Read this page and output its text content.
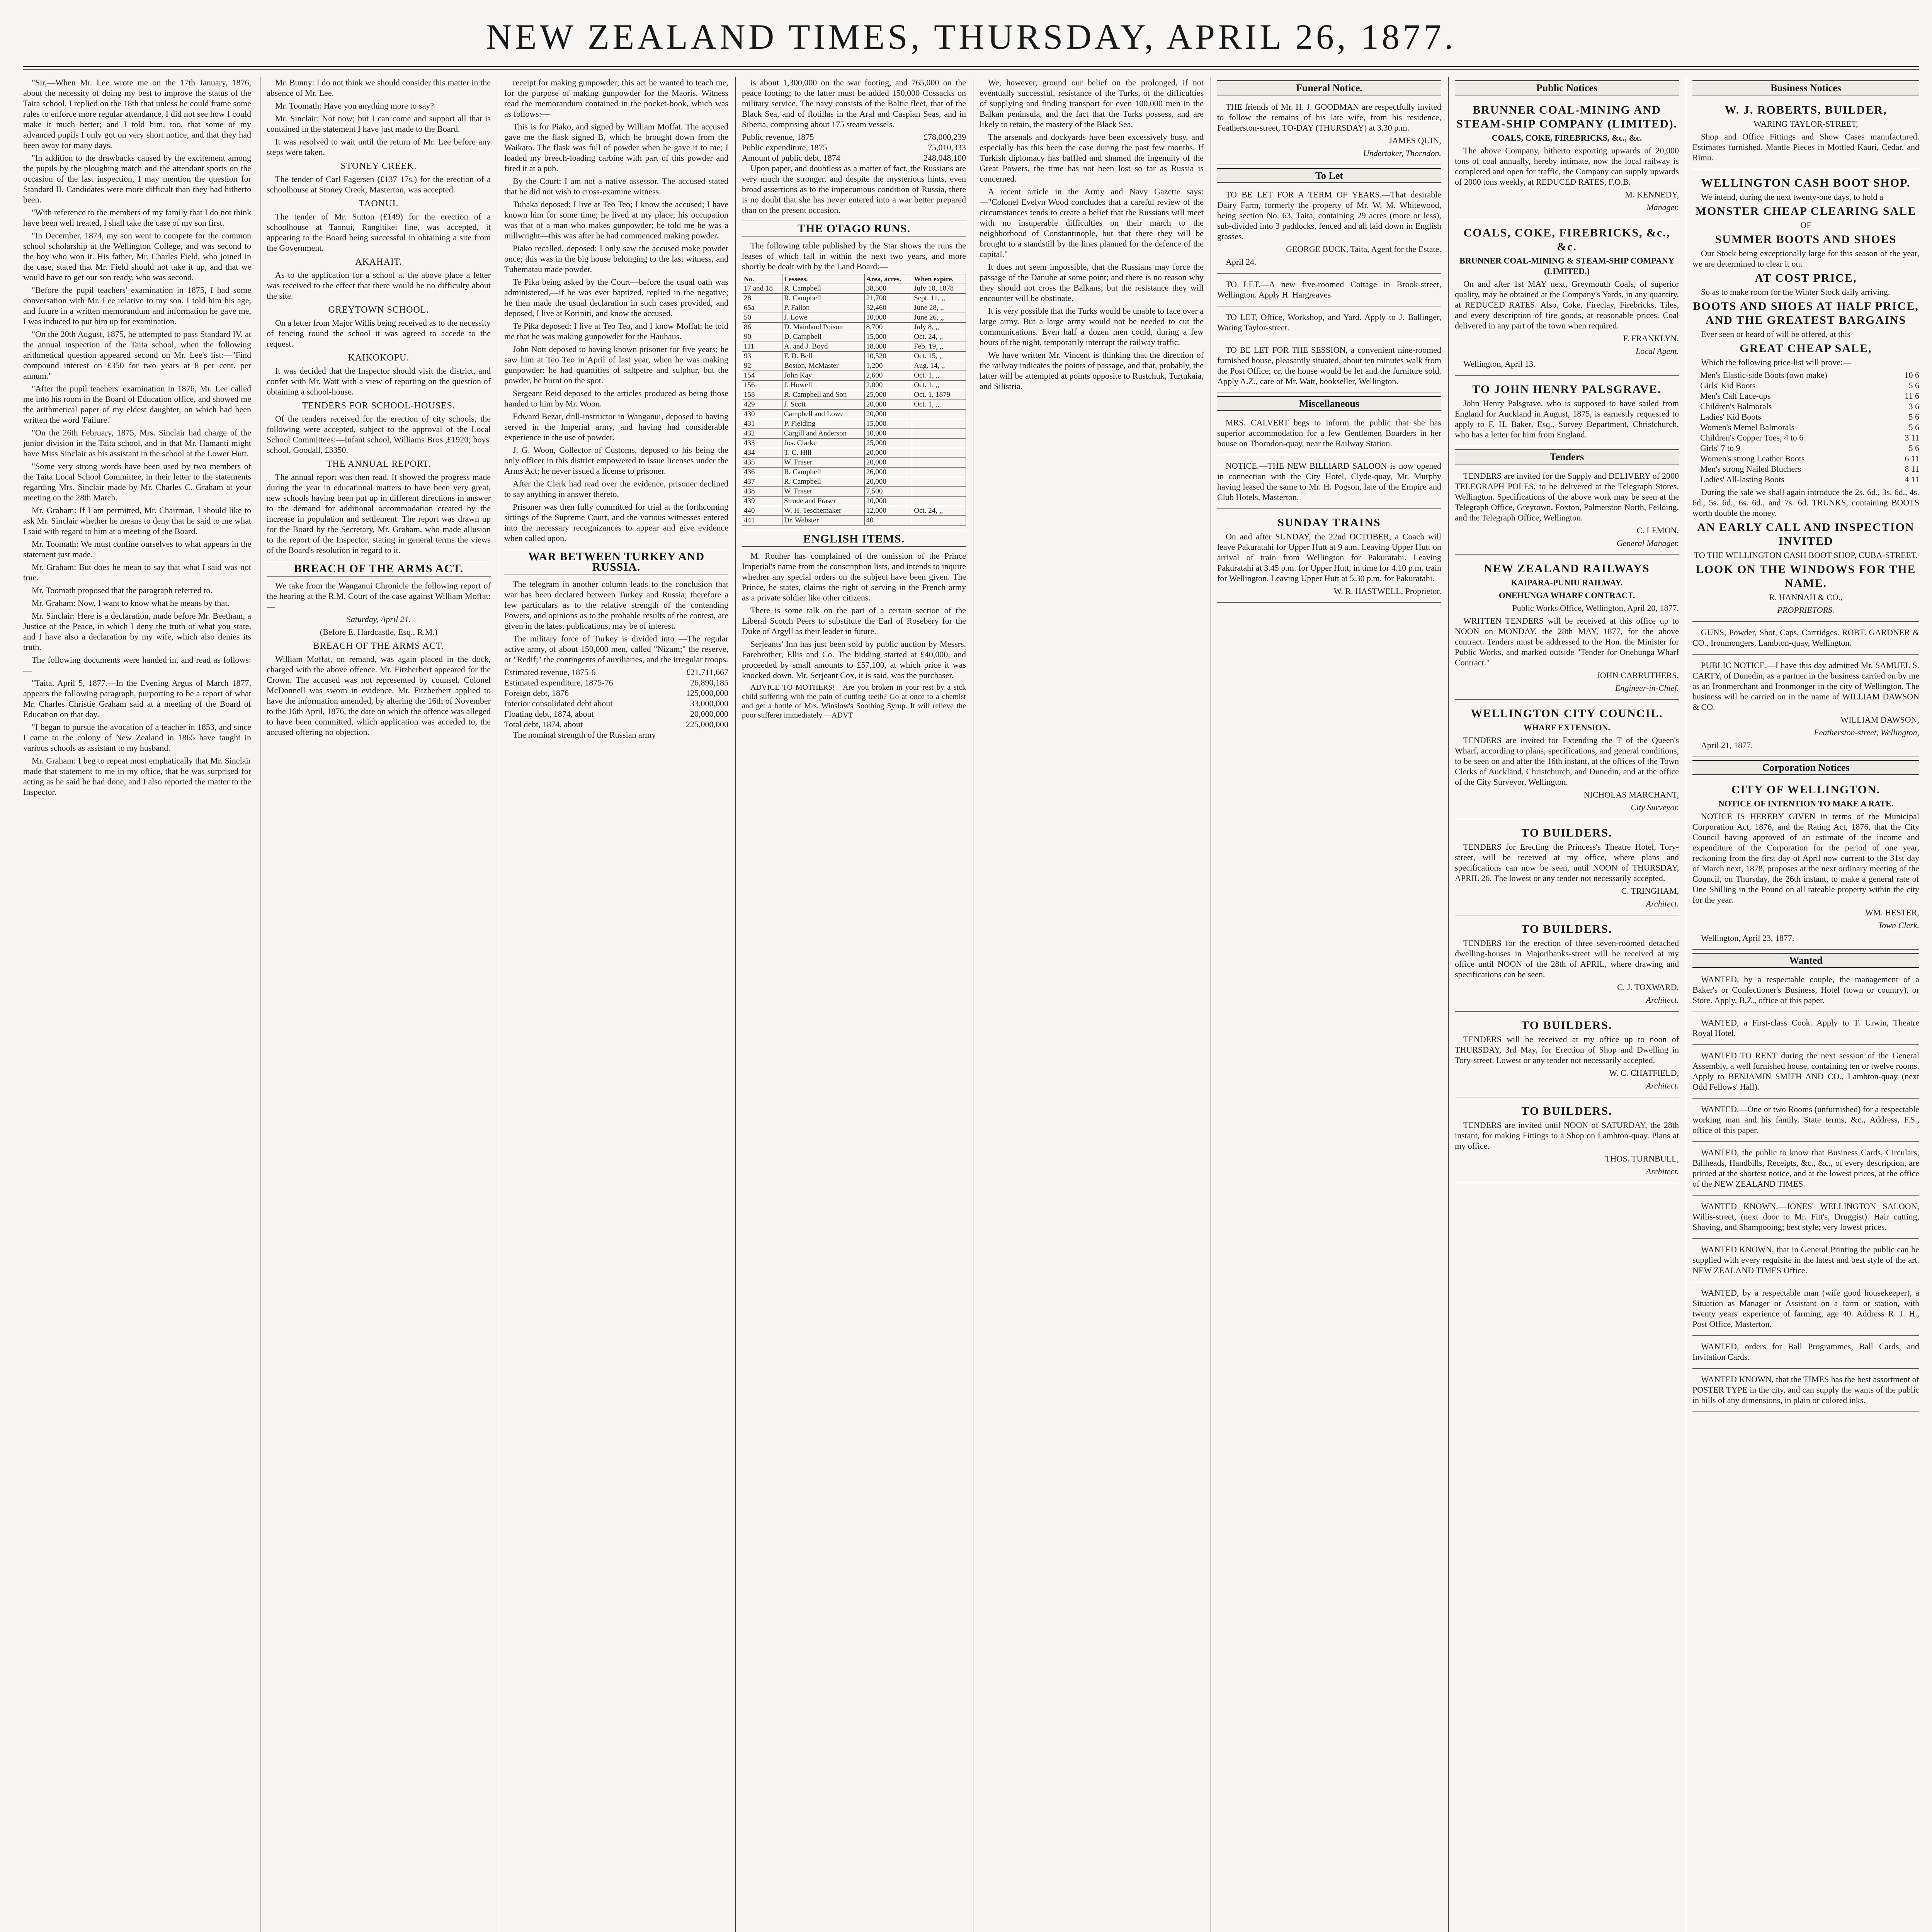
NEW ZEALAND TIMES, THURSDAY, APRIL 26, 1877.

"Sir,—When Mr. Lee wrote me on the 17th January, 1876, about the necessity of doing my best to improve the status of the Taita school, I replied on the 18th that unless he could frame some rules to enforce more regular attendance, I did not see how I could make it much better; and I told him, too, that some of my advanced pupils I only got on very short notice, and that they had been away for many days.

"In addition to the drawbacks caused by the excitement among the pupils by the ploughing match and the attendant sports on the occasion of the last inspection, I may mention the question for Standard II. Candidates were more difficult than they had hitherto been.

"With reference to the members of my family that I do not think have been well treated, I shall take the case of my son first.

"In December, 1874, my son went to compete for the common school scholarship at the Wellington College, and was second to the boy who won it. His father, Mr. Charles Field, who joined in the case, stated that Mr. Field should not take it up, and that we would have to get our son ready, who was second.

"Before the pupil teachers' examination in 1875, I had some conversation with Mr. Lee relative to my son. I told him his age, and future in a written memorandum and information he gave me, I was induced to put him up for examination.

"On the 20th August, 1875, he attempted to pass Standard IV. at the annual inspection of the Taita school, when the following arithmetical question appeared second on Mr. Lee's list:—"Find compound interest on £350 for two years at 8 per cent. per annum."

"After the pupil teachers' examination in 1876, Mr. Lee called me into his room in the Board of Education office, and showed me the arithmetical paper of my eldest daughter, on which had been written the word 'Failure.'

"On the 26th February, 1875, Mrs. Sinclair had charge of the junior division in the Taita school, and in that Mr. Hamanti might have Miss Sinclair as his assistant in the school at the Lower Hutt.

"Some very strong words have been used by two members of the Taita Local School Committee, in their letter to the statements regarding Mrs. Sinclair made by Mr. Charles C. Graham at your meeting on the 28th March.

Mr. Graham: If I am permitted, Mr. Chairman, I should like to ask Mr. Sinclair whether he means to deny that he said to me what I said with regard to him at a meeting of the Board.

Mr. Toomath: We must confine ourselves to what appears in the statement just made.

Mr. Graham: But does he mean to say that what I said was not true.

Mr. Toomath proposed that the paragraph referred to.

Mr. Graham: Now, I want to know what he means by that.

Mr. Sinclair: Here is a declaration, made before Mr. Beetham, a Justice of the Peace, in which I deny the truth of what you state, and I have also a declaration by my wife, which also denies its truth.

The following documents were handed in, and read as follows:—

"Taita, April 5, 1877.—In the Evening Argus of March 1877, appears the following paragraph, purporting to be a report of what Mr. Charles Christie Graham said at a meeting of the Board of Education on that day.

"I began to pursue the avocation of a teacher in 1853, and since I came to the colony of New Zealand in 1865 have taught in various schools as assistant to my husband.

Mr. Graham: I beg to repeat most emphatically that Mr. Sinclair made that statement to me in my office, that he was surprised for acting as he said he had done, and I also reported the matter to the Inspector.

Mr. Bunny: I do not think we should consider this matter in the absence of Mr. Lee.

Mr. Toomath: Have you anything more to say?

Mr. Sinclair: Not now; but I can come and support all that is contained in the statement I have just made to the Board.

It was resolved to wait until the return of Mr. Lee before any steps were taken.

STONEY CREEK.

The tender of Carl Fagersen (£137 17s.) for the erection of a schoolhouse at Stoney Creek, Masterton, was accepted.

TAONUI.

The tender of Mr. Sutton (£149) for the erection of a schoolhouse at Taonui, Rangitikei line, was accepted, it appearing to the Board being successful in obtaining a site from the Government.

AKAHAIT.

As to the application for a school at the above place a letter was received to the effect that there would be no difficulty about the site.

GREYTOWN SCHOOL.

On a letter from Major Willis being received as to the necessity of fencing round the school it was agreed to accede to the request.

KAIKOKOPU.

It was decided that the Inspector should visit the district, and confer with Mr. Watt with a view of reporting on the question of obtaining a school-house.

TENDERS FOR SCHOOL-HOUSES.

Of the tenders received for the erection of city schools, the following were accepted, subject to the approval of the Local School Committees:—Infant school, Williams Bros.,£1920; boys' school, Goodall, £3350.

THE ANNUAL REPORT.

The annual report was then read. It showed the progress made during the year in educational matters to have been very great, new schools having been put up in different directions in answer to the demand for additional accommodation created by the increase in population and settlement. The report was drawn up for the Board by the Secretary, Mr. Graham, who made allusion to the report of the Inspector, stating in general terms the views of the Board's resolution in regard to it.

BREACH OF THE ARMS ACT.

We take from the Wanganui Chronicle the following report of the hearing at the R.M. Court of the case against William Moffat:—

Saturday, April 21.

(Before E. Hardcastle, Esq., R.M.)

BREACH OF THE ARMS ACT.

William Moffat, on remand, was again placed in the dock, charged with the above offence. Mr. Fitzherbert appeared for the Crown. The accused was not represented by counsel. Colonel McDonnell was sworn in evidence. Mr. Fitzherbert applied to have the information amended, by altering the 16th of November to the 16th April, 1876, the date on which the offence was alleged to have been committed, which application was acceded to, the accused offering no objection.

receipt for making gunpowder; this act he wanted to teach me, for the purpose of making gunpowder for the Maoris. Witness read the memorandum contained in the pocket-book, which was as follows:—

This is for Piako, and signed by William Moffat. The accused gave me the flask signed B, which he brought down from the Waikato. The flask was full of powder when he gave it to me; I loaded my breech-loading carbine with part of this powder and fired it at a pub.

By the Court: I am not a native assessor. The accused stated that he did not wish to cross-examine witness.

Tuhaka deposed: I live at Teo Teo; I know the accused; I have known him for some time; he lived at my place; his occupation was that of a man who makes gunpowder; he told me he was a millwright—this was after he had commenced making powder.

Piako recalled, deposed: I only saw the accused make powder once; this was in the big house belonging to the last witness, and Tuhematau made powder.

Te Pika being asked by the Court—before the usual oath was administered,—if he was ever baptized, replied in the negative; he then made the usual declaration in such cases provided, and deposed, I live at Koriniti, and know the accused.

Te Pika deposed: I live at Teo Teo, and I know Moffat; he told me that he was making gunpowder for the Hauhaus.

John Nott deposed to having known prisoner for five years; he saw him at Teo Teo in April of last year, when he was making gunpowder; he had quantities of saltpetre and sulphur, but the powder, he burnt on the spot.

Sergeant Reid deposed to the articles produced as being those handed to him by Mr. Woon.

Edward Bezar, drill-instructor in Wanganui, deposed to having served in the Imperial army, and having had considerable experience in the use of powder.

J. G. Woon, Collector of Customs, deposed to his being the only officer in this district empowered to issue licenses under the Arms Act; he never issued a license to prisoner.

After the Clerk had read over the evidence, prisoner declined to say anything in answer thereto.

Prisoner was then fully committed for trial at the forthcoming sittings of the Supreme Court, and the various witnesses entered into the necessary recognizances to appear and give evidence when called upon.

WAR BETWEEN TURKEY AND RUSSIA.

The telegram in another column leads to the conclusion that war has been declared between Turkey and Russia; therefore a few particulars as to the relative strength of the contending Powers, and opinions as to the probable results of the contest, are given in the latest publications, may be of interest.

The military force of Turkey is divided into —The regular active army, of about 150,000 men, called "Nizam;" the reserve, or "Redif;" the contingents of auxiliaries, and the irregular troops.

Estimated revenue, 1875-6	£21,711,667
Estimated expenditure, 1875-76	26,890,185
Foreign debt, 1876	125,000,000
Interior consolidated debt about	33,000,000
Floating debt, 1874, about	20,000,000
Total debt, 1874, about	225,000,000

The nominal strength of the Russian army

is about 1,300,000 on the war footing, and 765,000 on the peace footing; to the latter must be added 150,000 Cossacks on military service. The navy consists of the Baltic fleet, that of the Black Sea, and of flotillas in the Aral and Caspian Seas, and in Siberia, comprising about 175 steam vessels.

Public revenue, 1875	£78,000,239
Public expenditure, 1875	75,010,333
Amount of public debt, 1874	248,048,100

Upon paper, and doubtless as a matter of fact, the Russians are very much the stronger, and despite the mysterious hints, even broad assertions as to the impecunious condition of Russia, there is no doubt that she has never entered into a war better prepared than on the present occasion.

THE OTAGO RUNS.

The following table published by the Star shows the runs the leases of which fall in within the next two years, and more shortly be dealt with by the Land Board:—

No.	Lessees.	Area, acres.	When expire.
17 and 18	R. Campbell	38,500	July 10, 1878
28	R. Campbell	21,700	Sept. 11, ,,
65a	P. Fallon	32,460	June 28, ,,
50	J. Lowe	10,000	June 26, ,,
86	D. Mainland Poison	8,700	July 8, ,,
90	D. Campbell	15,000	Oct. 24, ,,
111	A. and J. Boyd	18,000	Feb. 19, ,,
93	F. D. Bell	10,520	Oct. 15, ,,
92	Boston, McMaster	1,200	Aug. 14, ,,
154	John Kay	2,600	Oct. 1, ,,
156	J. Howell	2,000	Oct. 1, ,,
158	R. Campbell and Son	25,000	Oct. 1, 1879
429	J. Scott	20,000	Oct. 1, ,,
430	Campbell and Lowe	20,000	
431	P. Fielding	15,000	
432	Cargill and Anderson	10,000	
433	Jos. Clarke	25,000	
434	T. C. Hill	20,000	
435	W. Fraser	20,000	
436	R. Campbell	26,000	
437	R. Campbell	20,000	
438	W. Fraser	7,500	
439	Strode and Fraser	10,000	
440	W. H. Teschemaker	12,000	Oct. 24, ,,
441	Dr. Webster	40	
ENGLISH ITEMS.

M. Rouher has complained of the omission of the Prince Imperial's name from the conscription lists, and intends to inquire whether any special orders on the subject have been given. The Prince, he states, claims the right of serving in the French army as a private soldier like other citizens.

There is some talk on the part of a certain section of the Liberal Scotch Peers to substitute the Earl of Rosebery for the Duke of Argyll as their leader in future.

Serjeants' Inn has just been sold by public auction by Messrs. Farebrother, Ellis and Co. The bidding started at £40,000, and proceeded by small amounts to £57,100, at which price it was knocked down. Mr. Serjeant Cox, it is said, was the purchaser.

ADVICE TO MOTHERS!—Are you broken in your rest by a sick child suffering with the pain of cutting teeth? Go at once to a chemist and get a bottle of Mrs. Winslow's Soothing Syrup. It will relieve the poor sufferer immediately.—ADVT

We, however, ground our belief on the prolonged, if not eventually successful, resistance of the Turks, of the difficulties of supplying and finding transport for even 100,000 men in the Balkan peninsula, and the fact that the Turks possess, and are likely to retain, the mastery of the Black Sea.

The arsenals and dockyards have been excessively busy, and especially has this been the case during the past few months. If Turkish diplomacy has baffled and shamed the ingenuity of the Great Powers, the time has not been lost so far as Russia is concerned.

A recent article in the Army and Navy Gazette says:—"Colonel Evelyn Wood concludes that a careful review of the circumstances tends to create a belief that the Russians will meet with no insuperable difficulties on their march to the neighborhood of Constantinople, but that there they will be brought to a standstill by the lines planned for the defence of the capital."

It does not seem impossible, that the Russians may force the passage of the Danube at some point; and there is no reason why they should not cross the Balkans; but the resistance they will encounter will be obstinate.

It is very possible that the Turks would be unable to face over a large army. But a large army would not be needed to cut the communications. Even half a dozen men could, during a few hours of the night, temporarily interrupt the railway traffic.

We have written Mr. Vincent is thinking that the direction of the railway indicates the points of passage, and that, probably, the latter will be attempted at points opposite to Rustchuk, Turtukaia, and Silistria.

Funeral Notice.

THE friends of Mr. H. J. GOODMAN are respectfully invited to follow the remains of his late wife, from his residence, Featherston-street, TO-DAY (THURSDAY) at 3.30 p.m.

JAMES QUIN,

Undertaker, Thorndon.

To Let

TO BE LET FOR A TERM OF YEARS.—That desirable Dairy Farm, formerly the property of Mr. W. M. Whitewood, being section No. 63, Taita, containing 29 acres (more or less), sub-divided into 3 paddocks, fenced and all laid down in English grasses.

GEORGE BUCK, Taita, Agent for the Estate.

April 24.

TO LET.—A new five-roomed Cottage in Brook-street, Wellington. Apply H. Hargreaves.

TO LET, Office, Workshop, and Yard. Apply to J. Ballinger, Waring Taylor-street.

TO BE LET FOR THE SESSION, a convenient nine-roomed furnished house, pleasantly situated, about ten minutes walk from the Post Office; or, the house would be let and the furniture sold. Apply A.Z., care of Mr. Watt, bookseller, Wellington.

Miscellaneous

MRS. CALVERT begs to inform the public that she has superior accommodation for a few Gentlemen Boarders in her house on Thorndon-quay, near the Railway Station.

NOTICE.—THE NEW BILLIARD SALOON is now opened in connection with the City Hotel, Clyde-quay, Mr. Murphy having leased the same to Mr. H. Pogson, late of the Empire and Club Hotels, Masterton.

SUNDAY TRAINS

On and after SUNDAY, the 22nd OCTOBER, a Coach will leave Pakuratahi for Upper Hutt at 9 a.m. Leaving Upper Hutt on arrival of train from Wellington for Pakuratahi. Leaving Pakuratahi at 3.45 p.m. for Upper Hutt, in time for 4.10 p.m. train for Wellington. Leaving Upper Hutt at 5.30 p.m. for Pakuratahi.

W. R. HASTWELL, Proprietor.

Public Notices
BRUNNER COAL-MINING AND STEAM-SHIP COMPANY (LIMITED).

COALS, COKE, FIREBRICKS, &c., &c.

The above Company, hitherto exporting upwards of 20,000 tons of coal annually, hereby intimate, now the local railway is completed and open for traffic, the Company can supply upwards of 2000 tons weekly, at REDUCED RATES, F.O.B.

M. KENNEDY,

Manager.

COALS, COKE, FIREBRICKS, &c., &c.

BRUNNER COAL-MINING & STEAM-SHIP COMPANY (LIMITED.)

On and after 1st MAY next, Greymouth Coals, of superior quality, may be obtained at the Company's Yards, in any quantity, at REDUCED RATES. Also, Coke, Fireclay, Firebricks, Tiles, and every description of fire goods, at reasonable prices. Coal delivered in any part of the town when required.

F. FRANKLYN,

Local Agent.

Wellington, April 13.

TO JOHN HENRY PALSGRAVE.

John Henry Palsgrave, who is supposed to have sailed from England for Auckland in August, 1875, is earnestly requested to apply to F. H. Baker, Esq., Survey Department, Christchurch, who has a letter for him from England.

Tenders

TENDERS are invited for the Supply and DELIVERY of 2000 TELEGRAPH POLES, to be delivered at the Telegraph Stores, Wellington. Specifications of the above work may be seen at the Telegraph Office, Greytown, Foxton, Palmerston North, Feilding, and the Telegraph Office, Wellington.

C. LEMON,

General Manager.

NEW ZEALAND RAILWAYS

KAIPARA-PUNIU RAILWAY.

ONEHUNGA WHARF CONTRACT.

Public Works Office, Wellington, April 20, 1877.

WRITTEN TENDERS will be received at this office up to NOON on MONDAY, the 28th MAY, 1877, for the above contract. Tenders must be addressed to the Hon. the Minister for Public Works, and marked outside "Tender for Onehunga Wharf Contract."

JOHN CARRUTHERS,

Engineer-in-Chief.

WELLINGTON CITY COUNCIL.

WHARF EXTENSION.

TENDERS are invited for Extending the T of the Queen's Wharf, according to plans, specifications, and general conditions, to be seen on and after the 16th instant, at the offices of the Town Clerks of Auckland, Christchurch, and Dunedin, and at the office of the City Surveyor, Wellington.

NICHOLAS MARCHANT,

City Surveyor.

TO BUILDERS.

TENDERS for Erecting the Princess's Theatre Hotel, Tory-street, will be received at my office, where plans and specifications can now be seen, until NOON of THURSDAY, APRIL 26. The lowest or any tender not necessarily accepted.

C. TRINGHAM,

Architect.

TO BUILDERS.

TENDERS for the erection of three seven-roomed detached dwelling-houses in Majoribanks-street will be received at my office until NOON of the 28th of APRIL, where drawing and specifications can be seen.

C. J. TOXWARD,

Architect.

TO BUILDERS.

TENDERS will be received at my office up to noon of THURSDAY, 3rd May, for Erection of Shop and Dwelling in Tory-street. Lowest or any tender not necessarily accepted.

W. C. CHATFIELD,

Architect.

TO BUILDERS.

TENDERS are invited until NOON of SATURDAY, the 28th instant, for making Fittings to a Shop on Lambton-quay. Plans at my office.

THOS. TURNBULL,

Architect.

Business Notices
W. J. ROBERTS, BUILDER,

WARING TAYLOR-STREET,

Shop and Office Fittings and Show Cases manufactured. Estimates furnished. Mantle Pieces in Mottled Kauri, Cedar, and Rimu.

WELLINGTON CASH BOOT SHOP.

We intend, during the next twenty-one days, to hold a

MONSTER CHEAP CLEARING SALE

OF

SUMMER BOOTS AND SHOES

Our Stock being exceptionally large for this season of the year, we are determined to clear it out

AT COST PRICE,

So as to make room for the Winter Stock daily arriving.

BOOTS AND SHOES AT HALF PRICE, AND THE GREATEST BARGAINS

Ever seen or heard of will be offered, at this

GREAT CHEAP SALE,

Which the following price-list will prove:—

Men's Elastic-side Boots (own make)	10 6
Girls' Kid Boots	5 6
Men's Calf Lace-ups	11 6
Children's Balmorals	3 6
Ladies' Kid Boots	5 6
Women's Memel Balmorals	5 6
Children's Copper Toes, 4 to 6	3 11
Girls' 7 to 9	5 6
Women's strong Leather Boots	6 11
Men's strong Nailed Bluchers	8 11
Ladies' All-lasting Boots	4 11

During the sale we shall again introduce the 2s. 6d., 3s. 6d., 4s. 6d., 5s. 6d., 6s. 6d., and 7s. 6d. TRUNKS, containing BOOTS worth double the money.

AN EARLY CALL AND INSPECTION INVITED

TO THE WELLINGTON CASH BOOT SHOP, CUBA-STREET.

LOOK ON THE WINDOWS FOR THE NAME.

R. HANNAH & CO.,

PROPRIETORS.

GUNS, Powder, Shot, Caps, Cartridges. ROBT. GARDNER & CO., Ironmongers, Lambton-quay, Wellington.

PUBLIC NOTICE.—I have this day admitted Mr. SAMUEL S. CARTY, of Dunedin, as a partner in the business carried on by me as an Ironmerchant and Ironmonger in the city of Wellington. The business will be carried on in the name of WILLIAM DAWSON & CO.

WILLIAM DAWSON,

Featherston-street, Wellington,

April 21, 1877.

Corporation Notices
CITY OF WELLINGTON.

NOTICE OF INTENTION TO MAKE A RATE.

NOTICE IS HEREBY GIVEN in terms of the Municipal Corporation Act, 1876, and the Rating Act, 1876, that the City Council having approved of an estimate of the income and expenditure of the Corporation for the period of one year, reckoning from the first day of April now current to the 31st day of March next, 1878, proposes at the next ordinary meeting of the Council, on Thursday, the 26th instant, to make a general rate of One Shilling in the Pound on all rateable property within the city for the year.

WM. HESTER,

Town Clerk.

Wellington, April 23, 1877.

Wanted

WANTED, by a respectable couple, the management of a Baker's or Confectioner's Business, Hotel (town or country), or Store. Apply, B.Z., office of this paper.

WANTED, a First-class Cook. Apply to T. Urwin, Theatre Royal Hotel.

WANTED TO RENT during the next session of the General Assembly, a well furnished house, containing ten or twelve rooms. Apply to BENJAMIN SMITH AND CO., Lambton-quay (next Odd Fellows' Hall).

WANTED.—One or two Rooms (unfurnished) for a respectable working man and his family. State terms, &c., Address, F.S., office of this paper.

WANTED, the public to know that Business Cards, Circulars, Billheads, Handbills, Receipts, &c., &c., of every description, are printed at the shortest notice, and at the lowest prices, at the office of the NEW ZEALAND TIMES.

WANTED KNOWN.—JONES' WELLINGTON SALOON, Willis-street, (next door to Mr. Fitt's, Druggist). Hair cutting, Shaving, and Shampooing; best style; very lowest prices.

WANTED KNOWN, that in General Printing the public can be supplied with every requisite in the latest and best style of the art. NEW ZEALAND TIMES Office.

WANTED, by a respectable man (wife good housekeeper), a Situation as Manager or Assistant on a farm or station, with twenty years' experience of farming; age 40. Address R. J. H., Post Office, Masterton.

WANTED, orders for Ball Programmes, Ball Cards, and Invitation Cards.

WANTED KNOWN, that the TIMES has the best assortment of POSTER TYPE in the city, and can supply the wants of the public in bills of any dimensions, in plain or colored inks.
